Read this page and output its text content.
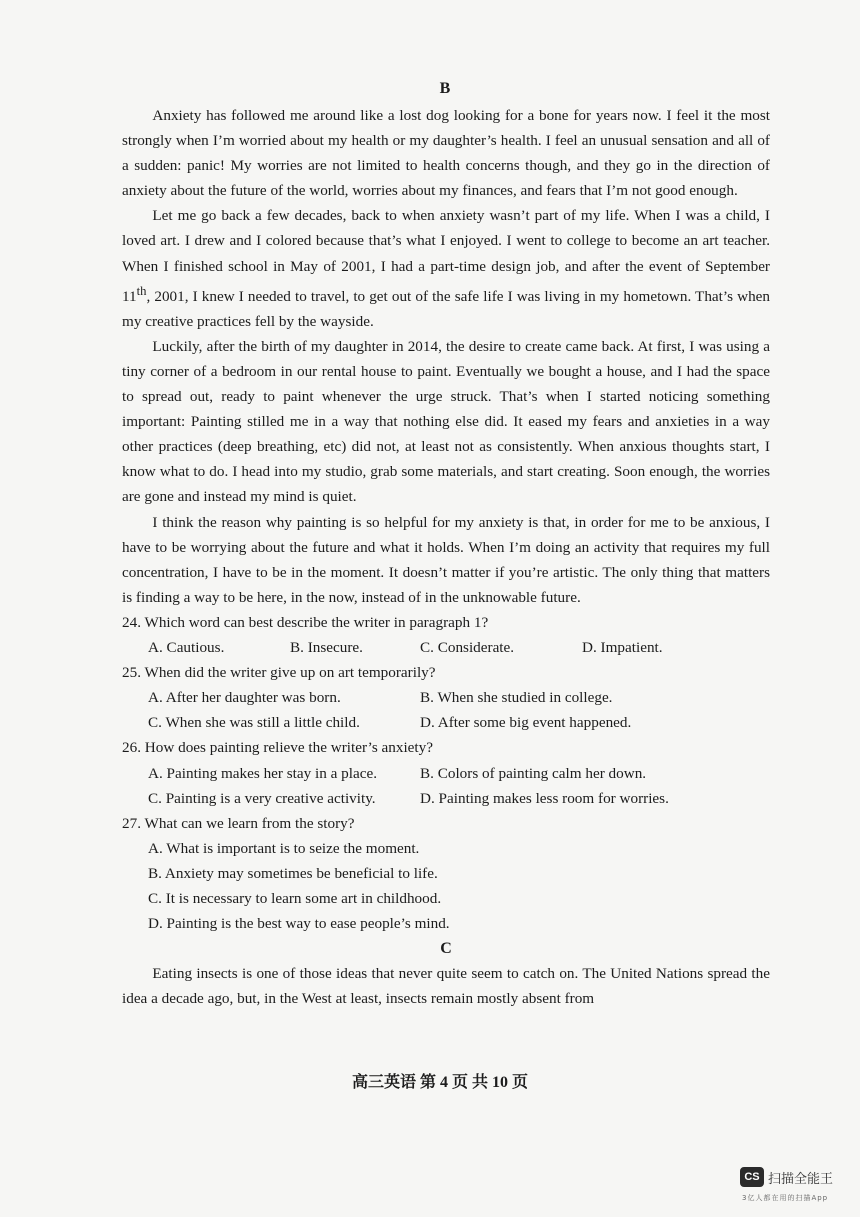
B

Anxiety has followed me around like a lost dog looking for a bone for years now. I feel it the most strongly when I’m worried about my health or my daughter’s health. I feel an unusual sensation and all of a sudden: panic! My worries are not limited to health concerns though, and they go in the direction of anxiety about the future of the world, worries about my finances, and fears that I’m not good enough.

Let me go back a few decades, back to when anxiety wasn’t part of my life. When I was a child, I loved art. I drew and I colored because that’s what I enjoyed. I went to college to become an art teacher. When I finished school in May of 2001, I had a part-time design job, and after the event of September 11th, 2001, I knew I needed to travel, to get out of the safe life I was living in my hometown. That’s when my creative practices fell by the wayside.

Luckily, after the birth of my daughter in 2014, the desire to create came back. At first, I was using a tiny corner of a bedroom in our rental house to paint. Eventually we bought a house, and I had the space to spread out, ready to paint whenever the urge struck. That’s when I started noticing something important: Painting stilled me in a way that nothing else did. It eased my fears and anxieties in a way other practices (deep breathing, etc) did not, at least not as consistently. When anxious thoughts start, I know what to do. I head into my studio, grab some materials, and start creating. Soon enough, the worries are gone and instead my mind is quiet.

I think the reason why painting is so helpful for my anxiety is that, in order for me to be anxious, I have to be worrying about the future and what it holds. When I’m doing an activity that requires my full concentration, I have to be in the moment. It doesn’t matter if you’re artistic. The only thing that matters is finding a way to be here, in the now, instead of in the unknowable future.

24. Which word can best describe the writer in paragraph 1?
A. Cautious.	B. Insecure.	C. Considerate.	D. Impatient.
25. When did the writer give up on art temporarily?
A. After her daughter was born.	B. When she studied in college.
C. When she was still a little child.	D. After some big event happened.
26. How does painting relieve the writer’s anxiety?
A. Painting makes her stay in a place.	B. Colors of painting calm her down.
C. Painting is a very creative activity.	D. Painting makes less room for worries.
27. What can we learn from the story?
A. What is important is to seize the moment.
B. Anxiety may sometimes be beneficial to life.
C. It is necessary to learn some art in childhood.
D. Painting is the best way to ease people’s mind.
C

Eating insects is one of those ideas that never quite seem to catch on. The United Nations spread the idea a decade ago, but, in the West at least, insects remain mostly absent from

高三英语 第 4 页 共 10 页
CS 扫描全能王
3亿人都在用的扫描App
